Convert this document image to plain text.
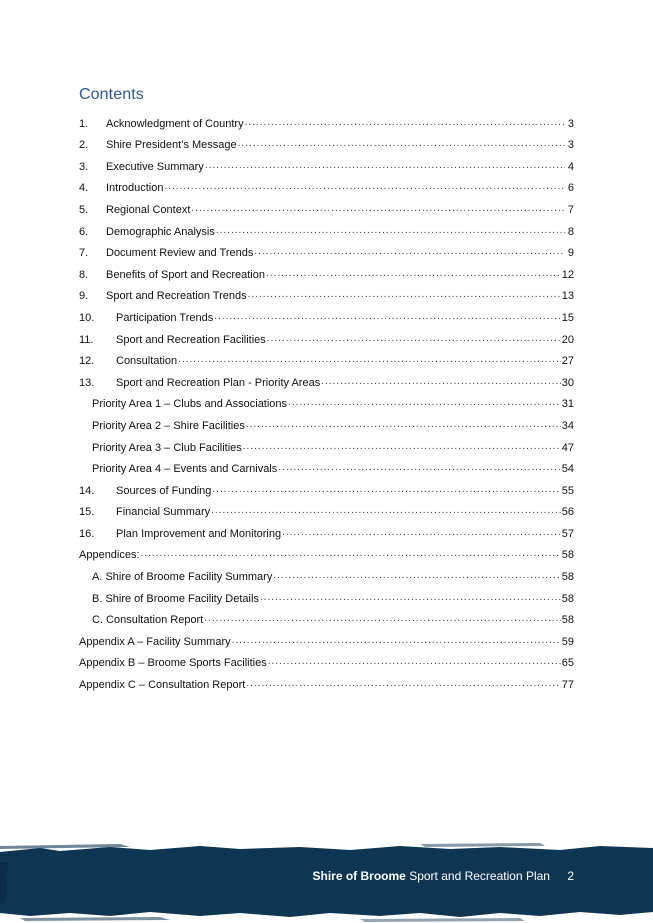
Contents
1.	Acknowledgment of Country .....	3
2.	Shire President’s Message .....	3
3.	Executive Summary .....	4
4.	Introduction .....	6
5.	Regional Context .....	7
6.	Demographic Analysis .....	8
7.	Document Review and Trends .....	9
8.	Benefits of Sport and Recreation .....	12
9.	Sport and Recreation Trends .....	13
10.	Participation Trends .....	15
11.	Sport and Recreation Facilities .....	20
12.	Consultation .....	27
13.	Sport and Recreation Plan - Priority Areas .....	30
Priority Area 1 – Clubs and Associations .....	31
Priority Area 2 – Shire Facilities .....	34
Priority Area 3 – Club Facilities .....	47
Priority Area 4 – Events and Carnivals .....	54
14.	Sources of Funding .....	55
15.	Financial Summary .....	56
16.	Plan Improvement and Monitoring .....	57
Appendices: .....	58
A. Shire of Broome Facility Summary .....	58
B. Shire of Broome Facility Details .....	58
C. Consultation Report .....	58
Appendix A – Facility Summary .....	59
Appendix B – Broome Sports Facilities .....	65
Appendix C – Consultation Report .....	77
Shire of Broome Sport and Recreation Plan 2
